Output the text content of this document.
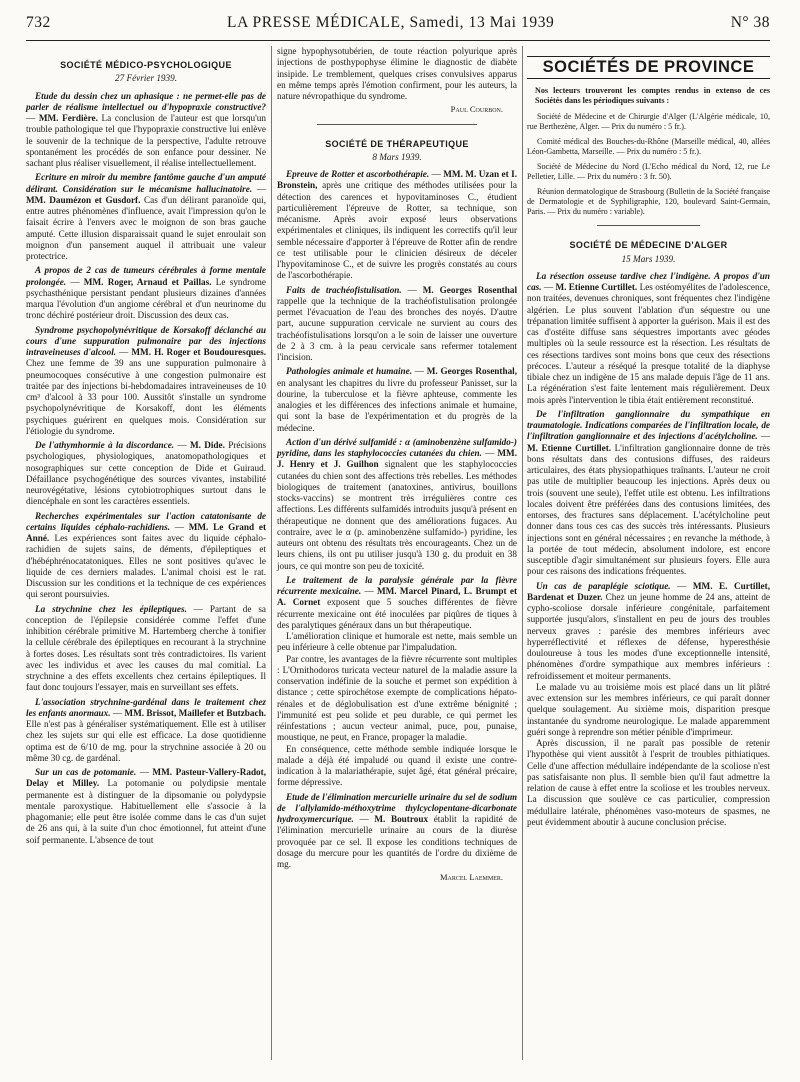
732	LA PRESSE MÉDICALE, Samedi, 13 Mai 1939	N° 38
SOCIÉTÉ MÉDICO-PSYCHOLOGIQUE
27 Février 1939.

Etude du dessin chez un aphasique : ne permet-elle pas de parler de réalisme intellectuel ou d'hypopraxie constructive? — MM. Ferdière. La conclusion de l'auteur est que lorsqu'un trouble pathologique tel que l'hypopraxie constructive lui enlève le souvenir de la technique de la perspective, l'adulte retrouve spontanément les procédés de son enfance pour dessiner. Ne sachant plus réaliser visuellement, il réalise intellectuellement.

Ecriture en miroir du membre fantôme gauche d'un amputé délirant. Considération sur le mécanisme hallucinatoire. — MM. Daumézon et Gusdorf. Cas d'un délirant paranoïde qui, entre autres phénomènes d'influence, avait l'impression qu'on le faisait écrire à l'envers avec le moignon de son bras gauche amputé. Cette illusion disparaissait quand le sujet enroulait son moignon d'un pansement auquel il attribuait une valeur protectrice.

A propos de 2 cas de tumeurs cérébrales à forme mentale prolongée. — MM. Roger, Arnaud et Paillas. Le syndrome psychasthénique persistant pendant plusieurs dizaines d'années marqua l'évolution d'un angiome cérébral et d'un neurinome du tronc déchiré postérieur droit. Discussion des deux cas.

Syndrome psychopolynévritique de Korsakoff déclanché au cours d'une suppuration pulmonaire par des injections intraveineuses d'alcool. — MM. H. Roger et Boudouresques. Chez une femme de 39 ans une suppuration pulmonaire à pneumocoques consécutive à une congestion pulmonaire est traitée par des injections bi-hebdomadaires intraveineuses de 10 cm³ d'alcool à 33 pour 100. Aussitôt s'installe un syndrome psychopolynévritique de Korsakoff, dont les éléments psychiques guérirent en quelques mois. Considération sur l'étiologie du syndrome.

De l'athymhormie à la discordance. — M. Dide. Précisions psychologiques, physiologiques, anatomopathologiques et nosographiques sur cette conception de Dide et Guiraud. Défaillance psychogénétique des sources vivantes, instabilité neurovégétative, lésions cytobiotrophiques surtout dans le diencéphale en sont les caractères essentiels.

Recherches expérimentales sur l'action catatonisante de certains liquides céphalo-rachidiens. — MM. Le Grand et Anné. Les expériences sont faites avec du liquide céphalo-rachidien de sujets sains, de déments, d'épileptiques et d'hébéphrénocatatoniques. Elles ne sont positives qu'avec le liquide de ces derniers malades. L'animal choisi est le rat. Discussion sur les conditions et la technique de ces expériences qui seront poursuivies.

La strychnine chez les épileptiques. — Partant de sa conception de l'épilepsie considérée comme l'effet d'une inhibition cérébrale primitive M. Hartemberg cherche à tonifier la cellule cérébrale des épileptiques en recourant à la strychnine à fortes doses. Les résultats sont très contradictoires. Ils varient avec les individus et avec les causes du mal comitial. La strychnine a des effets excellents chez certains épileptiques. Il faut donc toujours l'essayer, mais en surveillant ses effets.

L'association strychnine-gardénal dans le traitement chez les enfants anormaux. — MM. Brissot, Maillefer et Butzbach. Elle n'est pas à généraliser systématiquement. Elle est à utiliser chez les sujets sur qui elle est efficace. La dose quotidienne optima est de 6/10 de mg. pour la strychnine associée à 20 ou même 30 cg. de gardénal.

Sur un cas de potomanie. — MM. Pasteur-Vallery-Radot, Delay et Milley. La potomanie ou polydipsie mentale permanente est à distinguer de la dipsomanie ou polydypsie mentale paroxystique. Habituellement elle s'associe à la phagomanie; elle peut être isolée comme dans le cas d'un sujet de 26 ans qui, à la suite d'un choc émotionnel, fut atteint d'une soif permanente. L'absence de tout

signe hypophysotubérien, de toute réaction polyurique après injections de posthypophyse élimine le diagnostic de diabète insipide. Le tremblement, quelques crises convulsives apparus en même temps après l'émotion confirment, pour les auteurs, la nature névropathique du syndrome.

Paul Courbon.
SOCIÉTÉ DE THÉRAPEUTIQUE
8 Mars 1939.

Epreuve de Rotter et ascorbothérapie. — MM. M. Uzan et I. Bronstein, après une critique des méthodes utilisées pour la détection des carences et hypovitaminoses C., étudient particulièrement l'épreuve de Rotter, sa technique, son mécanisme. Après avoir exposé leurs observations expérimentales et cliniques, ils indiquent les correctifs qu'il leur semble nécessaire d'apporter à l'épreuve de Rotter afin de rendre ce test utilisable pour le clinicien désireux de déceler l'hypovitaminose C., et de suivre les progrès constatés au cours de l'ascorbothérapie.

Faits de trachéofistulisation. — M. Georges Rosenthal rappelle que la technique de la trachéofistulisation prolongée permet l'évacuation de l'eau des bronches des noyés. D'autre part, aucune suppuration cervicale ne survient au cours des trachéofistulisations lorsqu'on a le soin de laisser une ouverture de 2 à 3 cm. à la peau cervicale sans refermer totalement l'incision.

Pathologies animale et humaine. — M. Georges Rosenthal, en analysant les chapitres du livre du professeur Panisset, sur la dourine, la tuberculose et la fièvre aphteuse, commente les analogies et les différences des infections animale et humaine, qui sont la base de l'expérimentation et du progrès de la médecine.

Action d'un dérivé sulfamidé : α (aminobenzène sulfamido-) pyridine, dans les staphylococcies cutanées du chien. — MM. J. Henry et J. Guilhon signalent que les staphylococcies cutanées du chien sont des affections très rebelles. Les méthodes biologiques de traitement (anatoxines, antivirus, bouillons stocks-vaccins) se montrent très irrégulières contre ces affections. Les différents sulfamidés introduits jusqu'à présent en thérapeutique ne donnent que des améliorations fugaces. Au contraire, avec le α (p. aminobenzène sulfamido-) pyridine, les auteurs ont obtenu des résultats très encourageants. Chez un de leurs chiens, ils ont pu utiliser jusqu'à 130 g. du produit en 38 jours, ce qui montre son peu de toxicité.

Le traitement de la paralysie générale par la fièvre récurrente mexicaine. — MM. Marcel Pinard, L. Brumpt et A. Cornet exposent que 5 souches différentes de fièvre récurrente mexicaine ont été inoculées par piqûres de tiques à des paralytiques généraux dans un but thérapeutique.

L'amélioration clinique et humorale est nette, mais semble un peu inférieure à celle obtenue par l'impaludation.

Par contre, les avantages de la fièvre récurrente sont multiples : L'Ornithodoros turicata vecteur naturel de la maladie assure la conservation indéfinie de la souche et permet son expédition à distance ; cette spirochétose exempte de complications hépato-rénales et de déglobulisation est d'une extrême bénignité ; l'immunité est peu solide et peu durable, ce qui permet les réinfestations ; aucun vecteur animal, puce, pou, punaise, moustique, ne peut, en France, propager la maladie.

En conséquence, cette méthode semble indiquée lorsque le malade a déjà été impaludé ou quand il existe une contre-indication à la malariathérapie, sujet âgé, état général précaire, forme dépressive.

Etude de l'élimination mercurielle urinaire du sel de sodium de l'allylamido-méthoxytrime thylcyclopentane-dicarbonate hydroxymercurique. — M. Boutroux établit la rapidité de l'élimination mercurielle urinaire au cours de la diurèse provoquée par ce sel. Il expose les conditions techniques de dosage du mercure pour les quantités de l'ordre du dixième de mg.

Marcel Laemmer.
SOCIÉTÉS DE PROVINCE

Nos lecteurs trouveront les comptes rendus in extenso de ces Sociétés dans les périodiques suivants :

Société de Médecine et de Chirurgie d'Alger (L'Algérie médicale, 10, rue Berthezène, Alger. — Prix du numéro : 5 fr.).

Comité médical des Bouches-du-Rhône (Marseille médical, 40, allées Léon-Gambetta, Marseille. — Prix du numéro : 5 fr.).

Société de Médecine du Nord (L'Echo médical du Nord, 12, rue Le Pelletier, Lille. — Prix du numéro : 3 fr. 50).

Réunion dermatologique de Strasbourg (Bulletin de la Société française de Dermatologie et de Syphiligraphie, 120, boulevard Saint-Germain, Paris. — Prix du numéro : variable).

SOCIÉTÉ DE MÉDECINE D'ALGER
15 Mars 1939.

La résection osseuse tardive chez l'indigène. A propos d'un cas. — M. Etienne Curtillet. Les ostéomyélites de l'adolescence, non traitées, devenues chroniques, sont fréquentes chez l'indigène algérien. Le plus souvent l'ablation d'un séquestre ou une trépanation limitée suffisent à apporter la guérison. Mais il est des cas d'ostéite diffuse sans séquestres importants avec géodes multiples où la seule ressource est la résection. Les résultats de ces résections tardives sont moins bons que ceux des résections précoces. L'auteur a réséqué la presque totalité de la diaphyse tibiale chez un indigène de 15 ans malade depuis l'âge de 11 ans. La régénération s'est faite lentement mais régulièrement. Deux mois après l'intervention le tibia était entièrement reconstitué.

De l'infiltration ganglionnaire du sympathique en traumatologie. Indications comparées de l'infiltration locale, de l'infiltration ganglionnaire et des injections d'acétylcholine. — M. Etienne Curtillet. L'infiltration ganglionnaire donne de très bons résultats dans des contusions diffuses, des raideurs articulaires, des états physiopathiques traînants. L'auteur ne croit pas utile de multiplier beaucoup les injections. Après deux ou trois (souvent une seule), l'effet utile est obtenu. Les infiltrations locales doivent être préférées dans des contusions limitées, des entorses, des fractures sans déplacement. L'acétylcholine peut donner dans tous ces cas des succès très intéressants. Plusieurs injections sont en général nécessaires ; en revanche la méthode, à la portée de tout médecin, absolument indolore, est encore susceptible d'agir simultanément sur plusieurs foyers. Elle aura pour ces raisons des indications fréquentes.

Un cas de paraplégie sciotique. — MM. E. Curtillet, Bardenat et Duzer. Chez un jeune homme de 24 ans, atteint de cypho-scoliose dorsale inférieure congénitale, parfaitement supportée jusqu'alors, s'installent en peu de jours des troubles nerveux graves : parésie des membres inférieurs avec hyperréflectivité et réflexes de défense, hyperesthésie douloureuse à tous les modes d'une exceptionnelle intensité, phénomènes d'ordre sympathique aux membres inférieurs : refroidissement et moiteur permanents.

Le malade vu au troisième mois est placé dans un lit plâtré avec extension sur les membres inférieurs, ce qui paraît donner quelque soulagement. Au sixième mois, disparition presque instantanée du syndrome neurologique. Le malade apparemment guéri songe à reprendre son métier pénible d'imprimeur.

Après discussion, il ne paraît pas possible de retenir l'hypothèse qui vient aussitôt à l'esprit de troubles pithiatiques. Celle d'une affection médullaire indépendante de la scoliose n'est pas satisfaisante non plus. Il semble bien qu'il faut admettre la relation de cause à effet entre la scoliose et les troubles nerveux. La discussion que soulève ce cas particulier, compression médullaire latérale, phénomènes vaso-moteurs de spasmes, ne peut évidemment aboutir à aucune conclusion précise.
